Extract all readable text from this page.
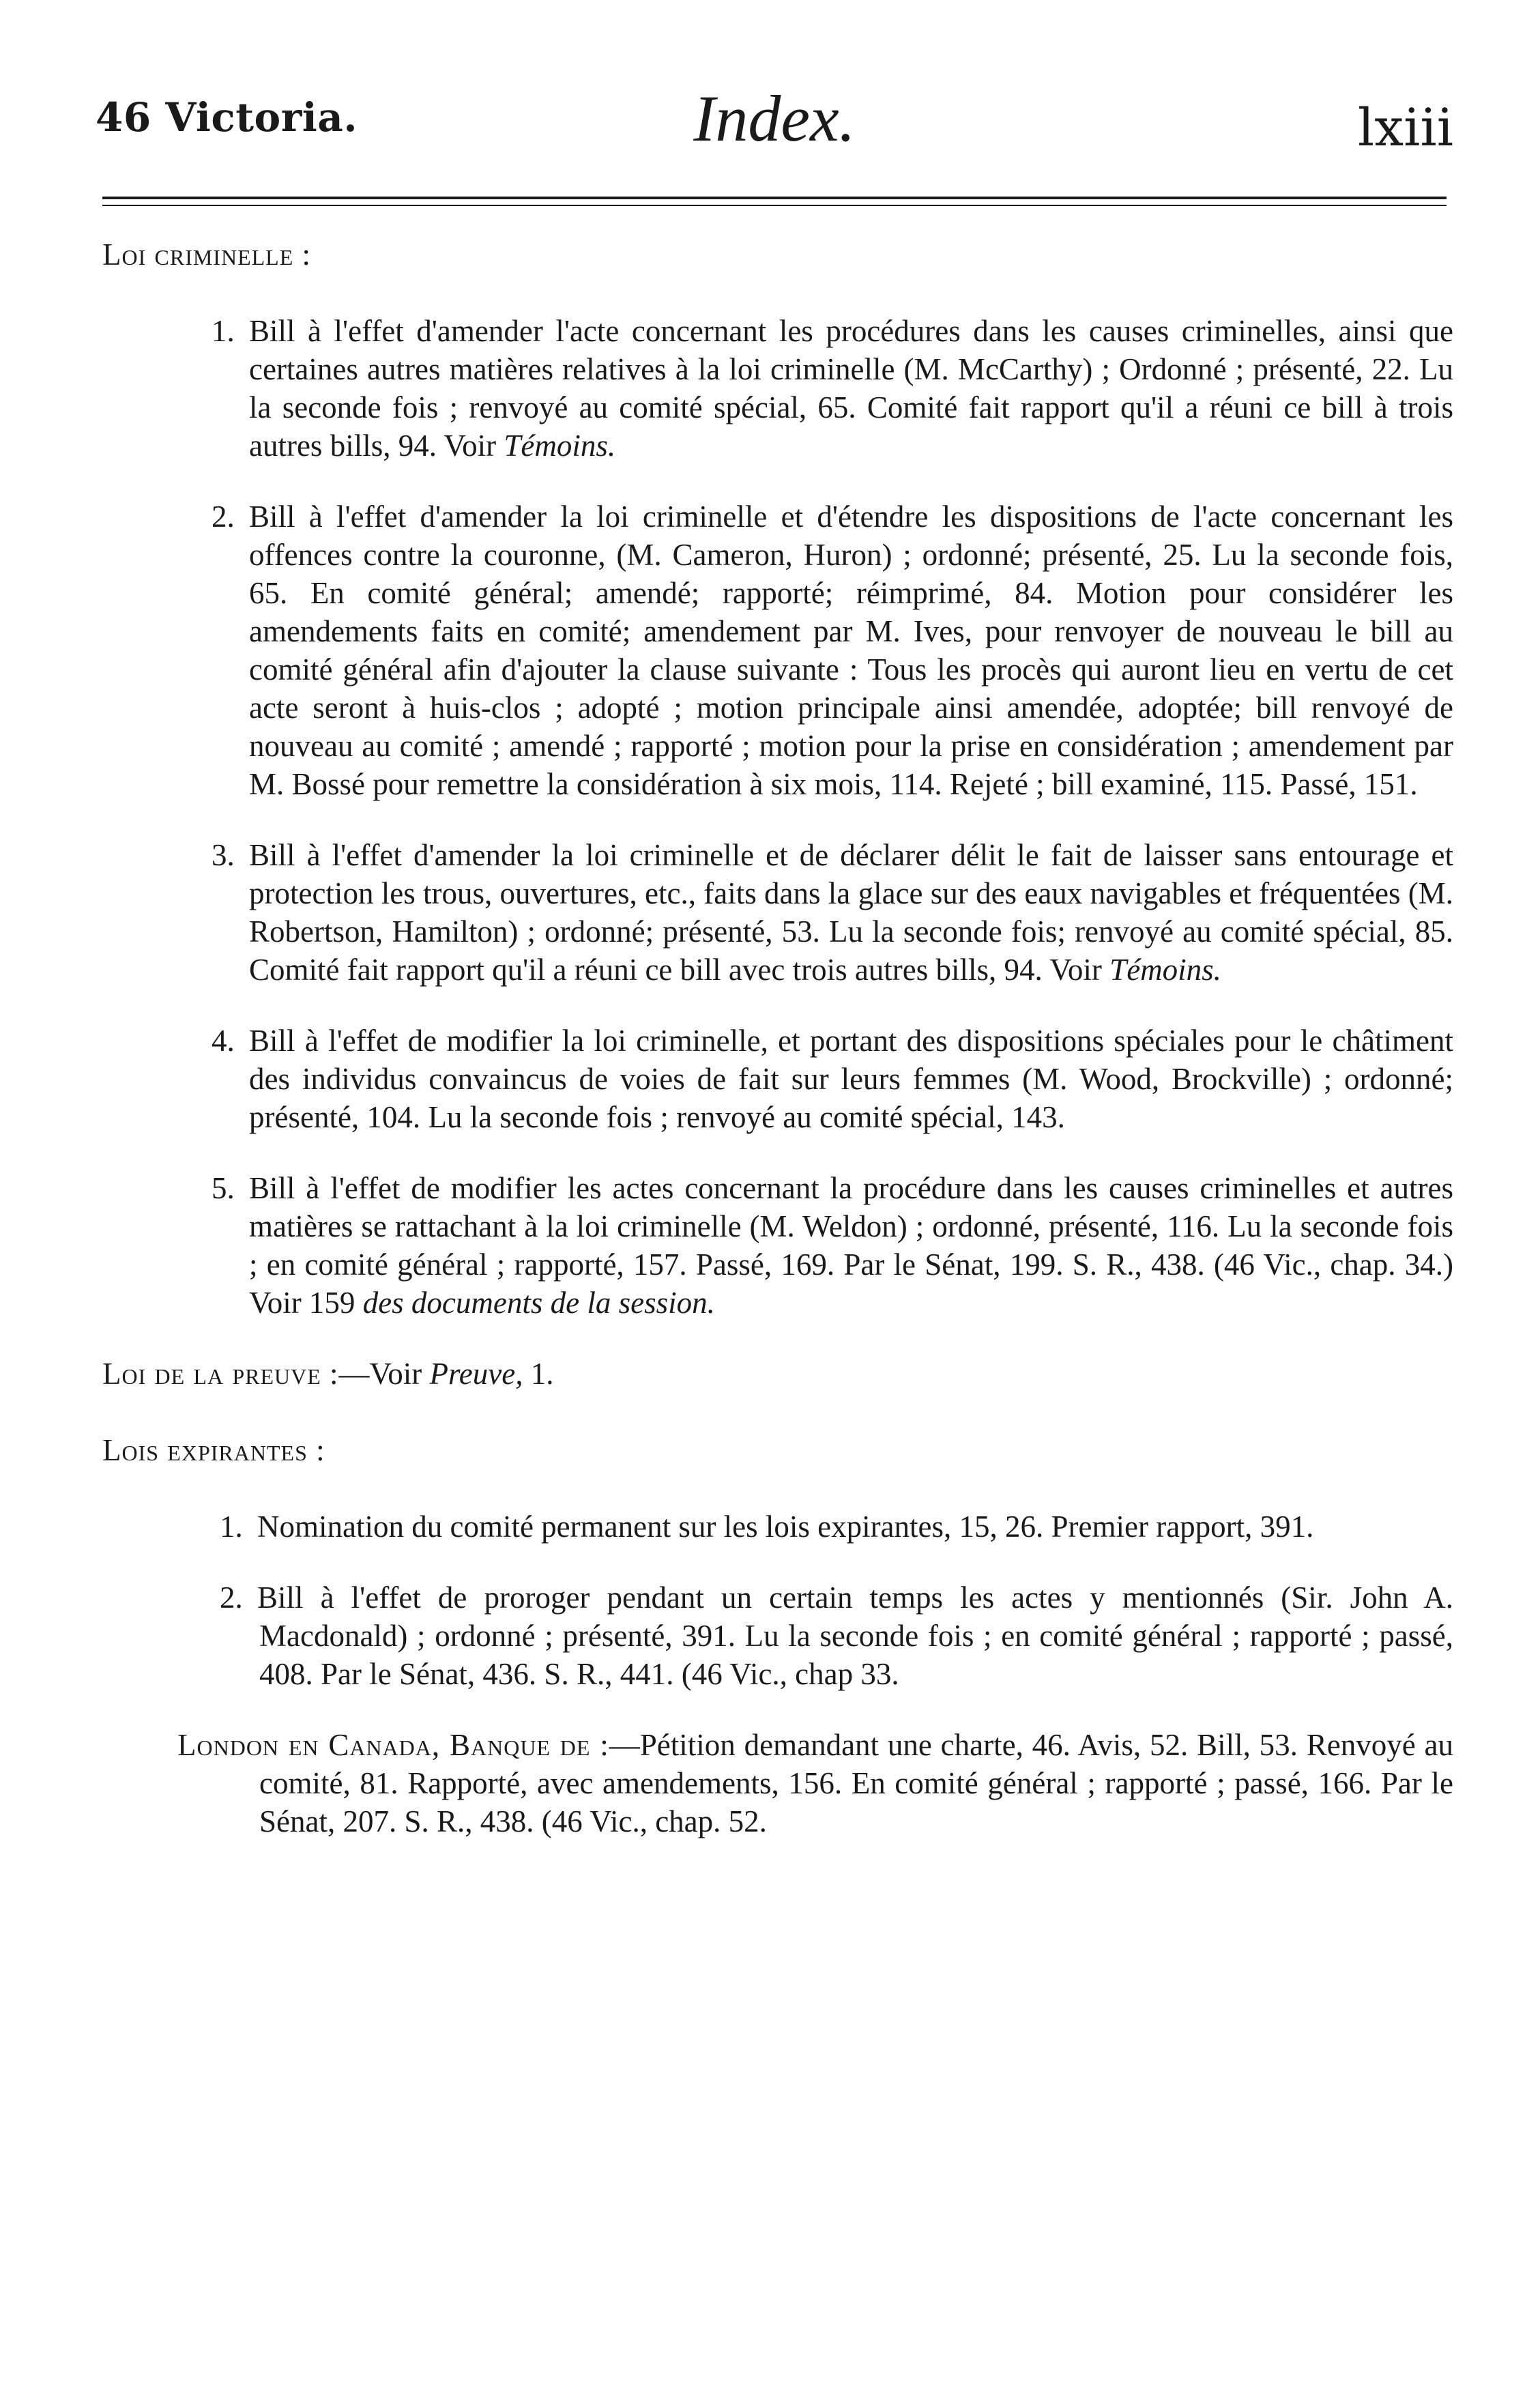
46 Victoria.	Index.	lxiii
Loi criminelle :
1. Bill à l'effet d'amender l'acte concernant les procédures dans les causes criminelles, ainsi que certaines autres matières relatives à la loi criminelle (M. McCarthy) ; Ordonné ; présenté, 22. Lu la seconde fois ; renvoyé au comité spécial, 65. Comité fait rapport qu'il a réuni ce bill à trois autres bills, 94. Voir Témoins.
2. Bill à l'effet d'amender la loi criminelle et d'étendre les dispositions de l'acte concernant les offences contre la couronne, (M. Cameron, Huron) ; ordonné; présenté, 25. Lu la seconde fois, 65. En comité général; amendé; rapporté; réimprimé, 84. Motion pour considérer les amendements faits en comité; amendement par M. Ives, pour renvoyer de nouveau le bill au comité général afin d'ajouter la clause suivante : Tous les procès qui auront lieu en vertu de cet acte seront à huis-clos ; adopté ; motion principale ainsi amendée, adoptée; bill renvoyé de nouveau au comité ; amendé ; rapporté ; motion pour la prise en considération ; amendement par M. Bossé pour remettre la considération à six mois, 114. Rejeté ; bill examiné, 115. Passé, 151.
3. Bill à l'effet d'amender la loi criminelle et de déclarer délit le fait de laisser sans entourage et protection les trous, ouvertures, etc., faits dans la glace sur des eaux navigables et fréquentées (M. Robertson, Hamilton) ; ordonné; présenté, 53. Lu la seconde fois; renvoyé au comité spécial, 85. Comité fait rapport qu'il a réuni ce bill avec trois autres bills, 94. Voir Témoins.
4. Bill à l'effet de modifier la loi criminelle, et portant des dispositions spéciales pour le châtiment des individus convaincus de voies de fait sur leurs femmes (M. Wood, Brockville) ; ordonné; présenté, 104. Lu la seconde fois ; renvoyé au comité spécial, 143.
5. Bill à l'effet de modifier les actes concernant la procédure dans les causes criminelles et autres matières se rattachant à la loi criminelle (M. Weldon) ; ordonné, présenté, 116. Lu la seconde fois ; en comité général ; rapporté, 157. Passé, 169. Par le Sénat, 199. S. R., 438. (46 Vic., chap. 34.) Voir 159 des documents de la session.
Loi de la preuve :—Voir Preuve, 1.
Lois expirantes :
1. Nomination du comité permanent sur les lois expirantes, 15, 26. Premier rapport, 391.
2. Bill à l'effet de proroger pendant un certain temps les actes y mentionnés (Sir. John A. Macdonald) ; ordonné ; présenté, 391. Lu la seconde fois ; en comité général ; rapporté ; passé, 408. Par le Sénat, 436. S. R., 441. (46 Vic., chap 33.
London en Canada, Banque de :—Pétition demandant une charte, 46. Avis, 52. Bill, 53. Renvoyé au comité, 81. Rapporté, avec amendements, 156. En comité général ; rapporté ; passé, 166. Par le Sénat, 207. S. R., 438. (46 Vic., chap. 52.
